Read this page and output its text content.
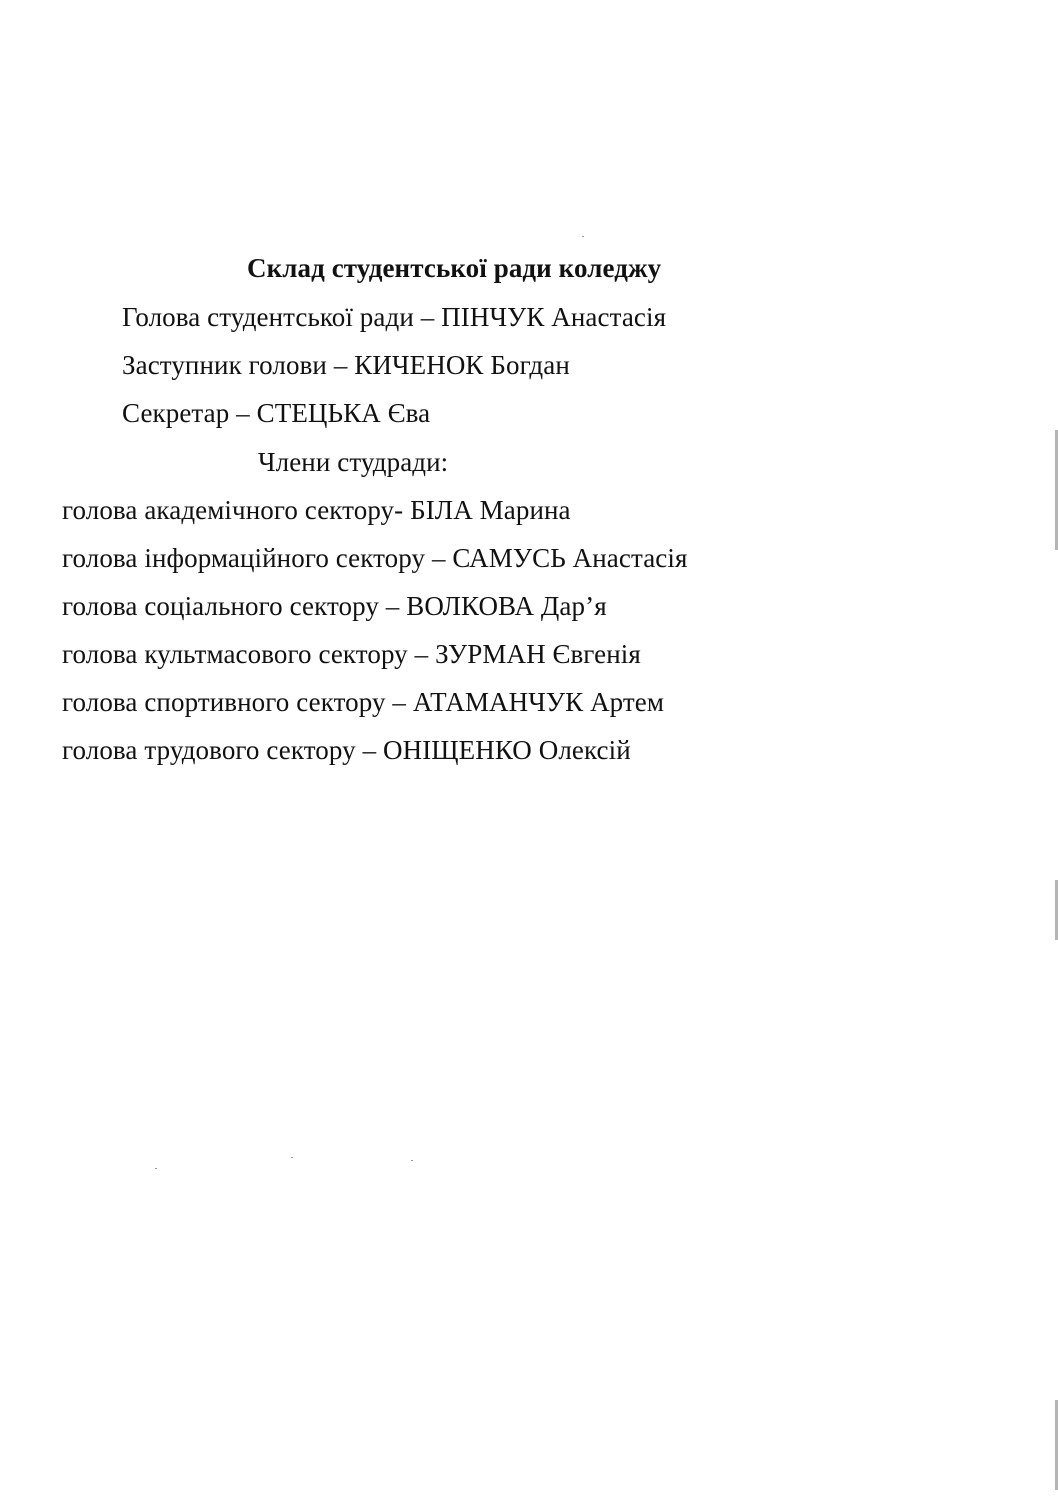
Склад студентської ради коледжу
Голова студентської ради – ПІНЧУК Анастасія
Заступник голови – КИЧЕНОК Богдан
Секретар – СТЕЦЬКА Єва
Члени студради:
голова академічного сектору- БІЛА Марина
голова інформаційного сектору – САМУСЬ Анастасія
голова соціального сектору – ВОЛКОВА Дар’я
голова культмасового сектору – ЗУРМАН Євгенія
голова спортивного сектору – АТАМАНЧУК Артем
голова трудового сектору – ОНІЩЕНКО Олексій
